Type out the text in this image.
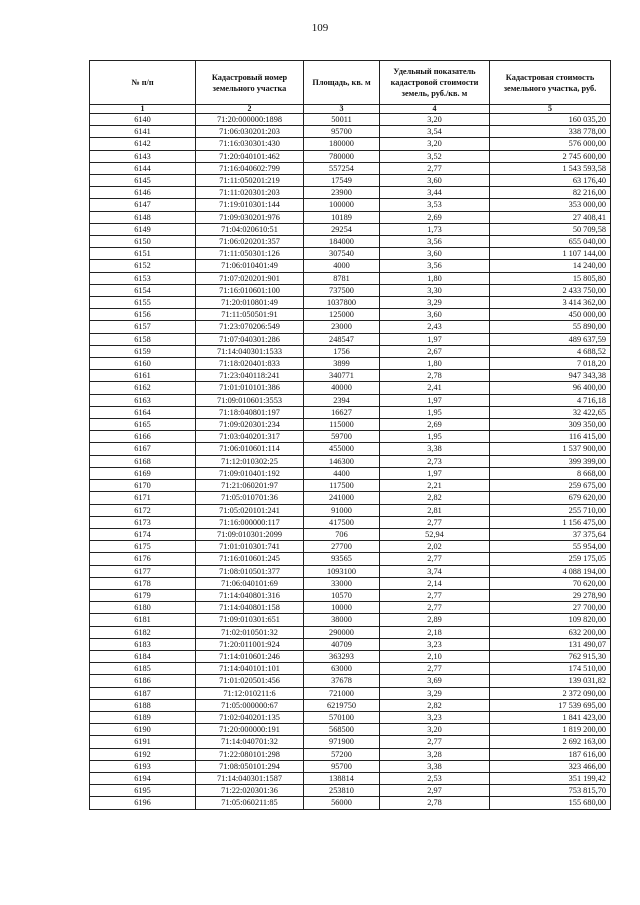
109
№ п/п	Кадастровый номер земельного участка	Площадь, кв. м	Удельный показатель кадастровой стоимости земель, руб./кв. м	Кадастровая стоимость земельного участка, руб.
1	2	3	4	5
6140	71:20:000000:1898	50011	3,20	160 035,20
6141	71:06:030201:203	95700	3,54	338 778,00
6142	71:16:030301:430	180000	3,20	576 000,00
6143	71:20:040101:462	780000	3,52	2 745 600,00
6144	71:16:040602:799	557254	2,77	1 543 593,58
6145	71:11:050201:219	17549	3,60	63 176,40
6146	71:11:020301:203	23900	3,44	82 216,00
6147	71:19:010301:144	100000	3,53	353 000,00
6148	71:09:030201:976	10189	2,69	27 408,41
6149	71:04:020610:51	29254	1,73	50 709,58
6150	71:06:020201:357	184000	3,56	655 040,00
6151	71:11:050301:126	307540	3,60	1 107 144,00
6152	71:06:010401:49	4000	3,56	14 240,00
6153	71:07:020201:901	8781	1,80	15 805,80
6154	71:16:010601:100	737500	3,30	2 433 750,00
6155	71:20:010801:49	1037800	3,29	3 414 362,00
6156	71:11:050501:91	125000	3,60	450 000,00
6157	71:23:070206:549	23000	2,43	55 890,00
6158	71:07:040301:286	248547	1,97	489 637,59
6159	71:14:040301:1533	1756	2,67	4 688,52
6160	71:18:020401:833	3899	1,80	7 018,20
6161	71:23:040118:241	340771	2,78	947 343,38
6162	71:01:010101:386	40000	2,41	96 400,00
6163	71:09:010601:3553	2394	1,97	4 716,18
6164	71:18:040801:197	16627	1,95	32 422,65
6165	71:09:020301:234	115000	2,69	309 350,00
6166	71:03:040201:317	59700	1,95	116 415,00
6167	71:06:010601:114	455000	3,38	1 537 900,00
6168	71:12:010302:25	146300	2,73	399 399,00
6169	71:09:010401:192	4400	1,97	8 668,00
6170	71:21:060201:97	117500	2,21	259 675,00
6171	71:05:010701:36	241000	2,82	679 620,00
6172	71:05:020101:241	91000	2,81	255 710,00
6173	71:16:000000:117	417500	2,77	1 156 475,00
6174	71:09:010301:2099	706	52,94	37 375,64
6175	71:01:010301:741	27700	2,02	55 954,00
6176	71:16:010601:245	93565	2,77	259 175,05
6177	71:08:010501:377	1093100	3,74	4 088 194,00
6178	71:06:040101:69	33000	2,14	70 620,00
6179	71:14:040801:316	10570	2,77	29 278,90
6180	71:14:040801:158	10000	2,77	27 700,00
6181	71:09:010301:651	38000	2,89	109 820,00
6182	71:02:010501:32	290000	2,18	632 200,00
6183	71:20:011001:924	40709	3,23	131 490,07
6184	71:14:010601:246	363293	2,10	762 915,30
6185	71:14:040101:101	63000	2,77	174 510,00
6186	71:01:020501:456	37678	3,69	139 031,82
6187	71:12:010211:6	721000	3,29	2 372 090,00
6188	71:05:000000:67	6219750	2,82	17 539 695,00
6189	71:02:040201:135	570100	3,23	1 841 423,00
6190	71:20:000000:191	568500	3,20	1 819 200,00
6191	71:14:040701:32	971900	2,77	2 692 163,00
6192	71:22:080101:298	57200	3,28	187 616,00
6193	71:08:050101:294	95700	3,38	323 466,00
6194	71:14:040301:1587	138814	2,53	351 199,42
6195	71:22:020301:36	253810	2,97	753 815,70
6196	71:05:060211:85	56000	2,78	155 680,00
